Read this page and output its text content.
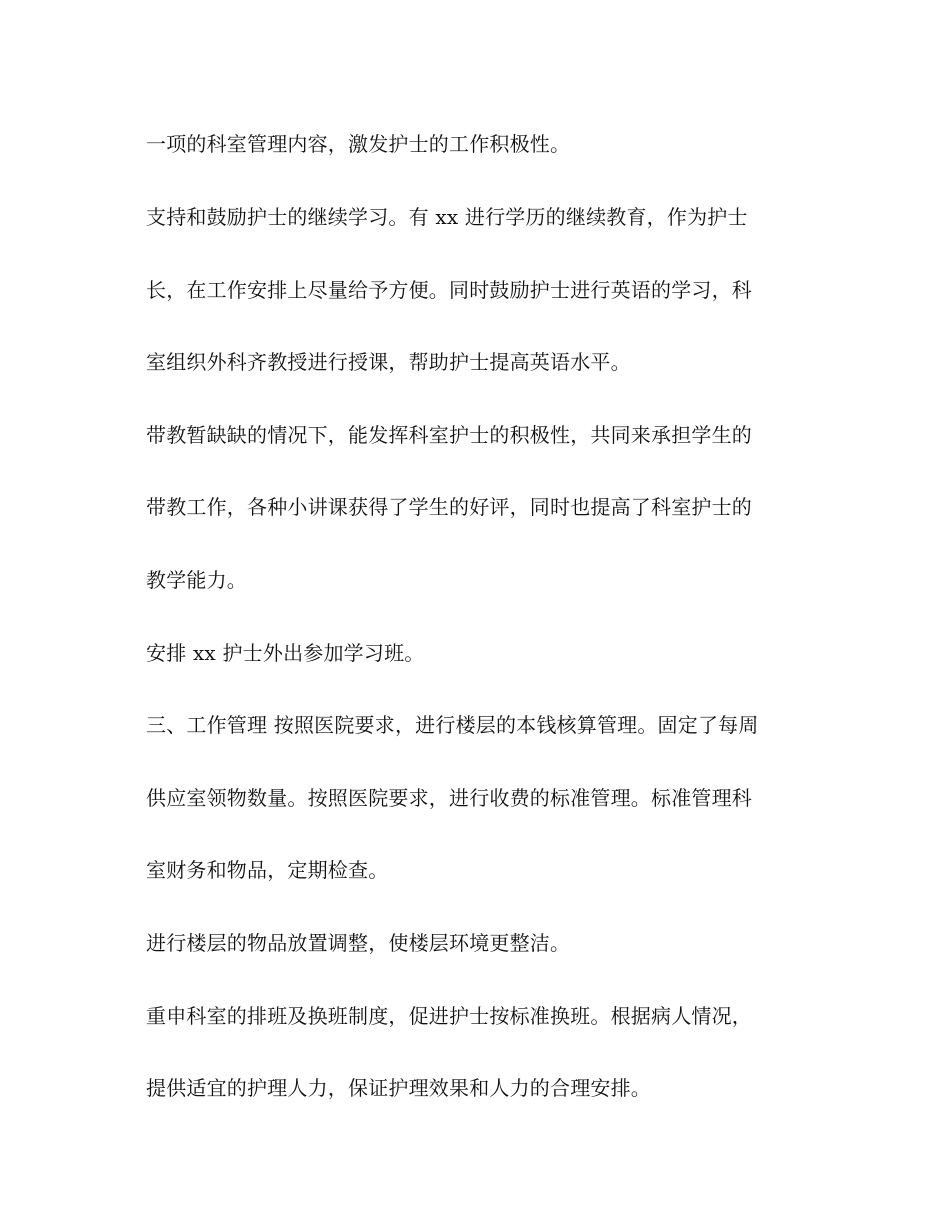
一项的科室管理内容，激发护士的工作积极性。
支持和鼓励护士的继续学习。有 xx 进行学历的继续教育，作为护士
长，在工作安排上尽量给予方便。同时鼓励护士进行英语的学习，科
室组织外科齐教授进行授课，帮助护士提高英语水平。
带教暂缺缺的情况下，能发挥科室护士的积极性，共同来承担学生的
带教工作，各种小讲课获得了学生的好评，同时也提高了科室护士的
教学能力。
安排 xx 护士外出参加学习班。
三、工作管理 按照医院要求，进行楼层的本钱核算管理。固定了每周
供应室领物数量。按照医院要求，进行收费的标准管理。标准管理科
室财务和物品，定期检查。
进行楼层的物品放置调整，使楼层环境更整洁。
重申科室的排班及换班制度，促进护士按标准换班。根据病人情况，
提供适宜的护理人力，保证护理效果和人力的合理安排。
